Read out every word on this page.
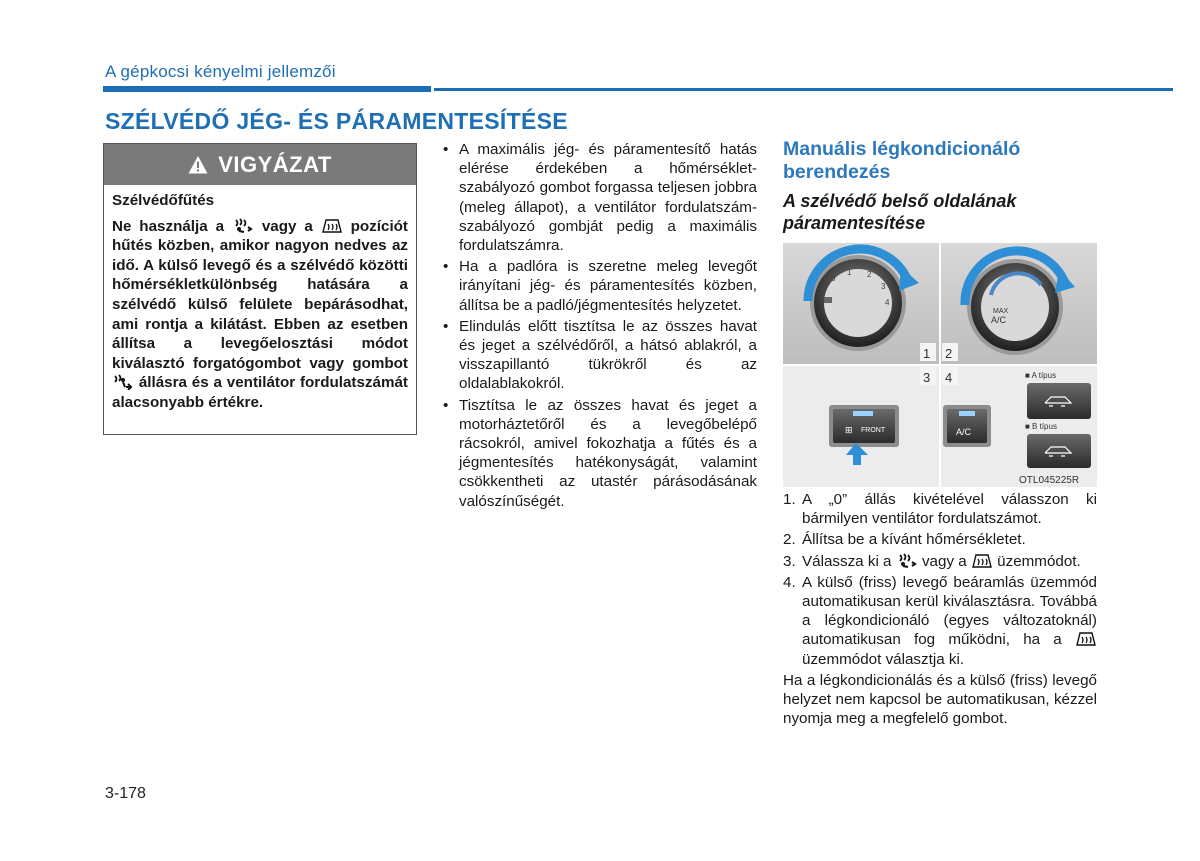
A gépkocsi kényelmi jellemzői
SZÉLVÉDŐ JÉG- ÉS PÁRAMENTESÍTÉSE
VIGYÁZAT
Szélvédőfűtés
Ne használja a vagy a pozíciót hűtés közben, amikor nagyon nedves az idő. A külső levegő és a szélvédő közötti hőmérsékletkülönbség hatására a szélvédő külső felülete bepárásodhat, ami rontja a kilátást. Ebben az esetben állítsa a levegőelosztási módot kiválasztó forgatógombot vagy gombot  állásra és a ventilátor fordulatszámát alacsonyabb értékre.
• A maximális jég- és páramentesítő hatás elérése érdekében a hőmérséklet-szabályozó gombot forgassa teljesen jobbra (meleg állapot), a ventilátor fordulatszám-szabályozó gombját pedig a maximális fordulatszámra.
• Ha a padlóra is szeretne meleg levegőt irányítani jég- és páramentesítés közben, állítsa be a padló/jégmentesítés helyzetet.
• Elindulás előtt tisztítsa le az összes havat és jeget a szélvédőről, a hátsó ablakról, a visszapillantó tükrökről és az oldalablakokról.
• Tisztítsa le az összes havat és jeget a motorháztetőről és a levegőbelépő rácsokról, amivel fokozhatja a fűtés és a jégmentesítés hatékonyságát, valamint csökkentheti az utastér párásodásának valószínűségét.
Manuális légkondicionáló berendezés
A szélvédő belső oldalának páramentesítése
0
1 2
3
4
MAX
A/C
1 2
3 4
⊞ FRONT	A/C
■ A típus
■ B típus
OTL045225R
1. A „0” állás kivételével válasszon ki bármilyen ventilátor fordulatszámot.
2. Állítsa be a kívánt hőmérsékletet.
3. Válassza ki a vagy a üzemmódot.
4. A külső (friss) levegő beáramlás üzemmód automatikusan kerül kiválasztásra. Továbbá a légkondicionáló (egyes változatoknál) automatikusan fog működni, ha a  üzemmódot választja ki.
Ha a légkondicionálás és a külső (friss) levegő helyzet nem kapcsol be automatikusan, kézzel nyomja meg a megfelelő gombot.
3-178
